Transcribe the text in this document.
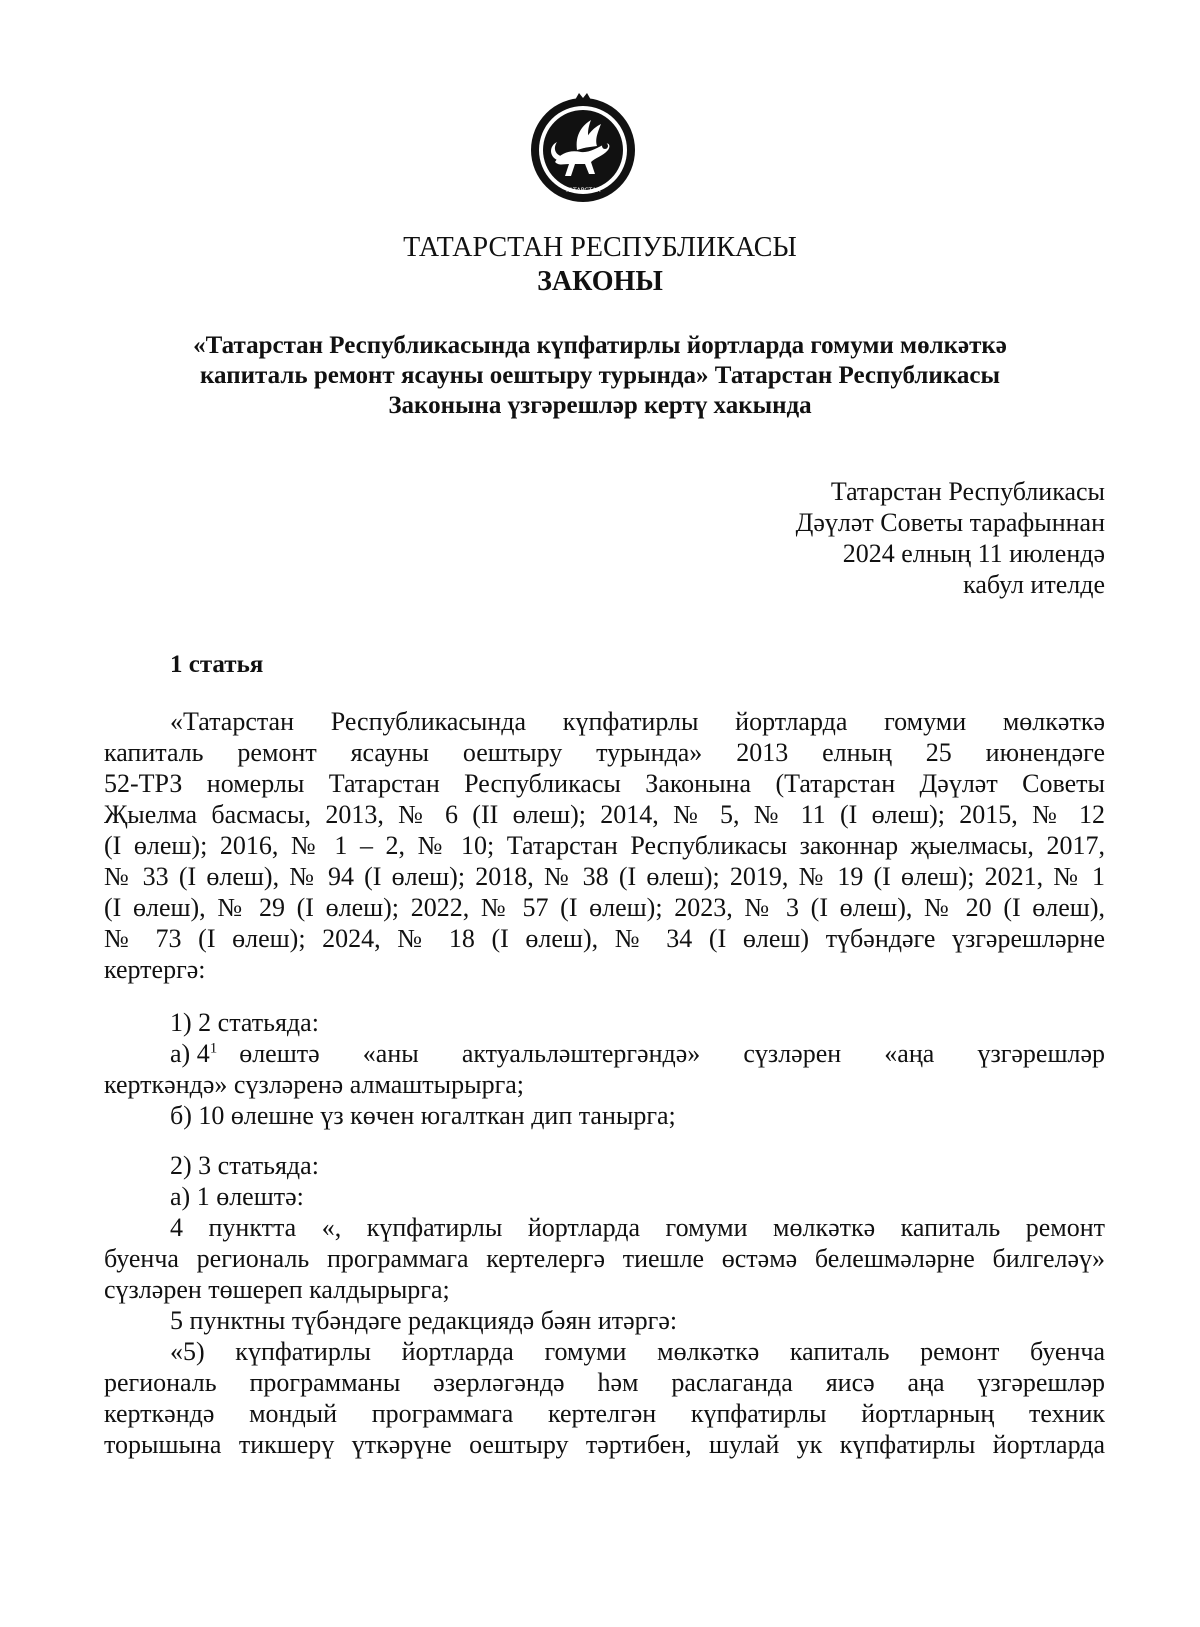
ТАТАРСТАН
ТАТАРСТАН РЕСПУБЛИКАСЫ
ЗАКОНЫ
«Татарстан Республикасында күпфатирлы йортларда гомуми мөлкәткә
капиталь ремонт ясауны оештыру турында» Татарстан Республикасы
Законына үзгәрешләр кертү хакында
Татарстан Республикасы
Дәүләт Советы тарафыннан
2024 елның 11 июлендә
кабул ителде
1 статья
«Татарстан Республикасында күпфатирлы йортларда гомуми мөлкәткә
капиталь ремонт ясауны оештыру турында» 2013 елның 25 июнендәге
52-ТРЗ номерлы Татарстан Республикасы Законына (Татарстан Дәүләт Советы
Җыелма басмасы, 2013, № 6 (II өлеш); 2014, № 5, № 11 (I өлеш); 2015, № 12
(I өлеш); 2016, № 1 – 2, № 10; Татарстан Республикасы законнар җыелмасы, 2017,
№ 33 (I өлеш), № 94 (I өлеш); 2018, № 38 (I өлеш); 2019, № 19 (I өлеш); 2021, № 1
(I өлеш), № 29 (I өлеш); 2022, № 57 (I өлеш); 2023, № 3 (I өлеш), № 20 (I өлеш),
№ 73 (I өлеш); 2024, № 18 (I өлеш), № 34 (I өлеш) түбәндәге үзгәрешләрне
кертергә:
1) 2 статьяда:
а) $4^1$ өлештә «аны актуальләштергәндә» сүзләрен «аңа үзгәрешләр
керткәндә» сүзләренә алмаштырырга;
б) 10 өлешне үз көчен югалткан дип танырга;
2) 3 статьяда:
а) 1 өлештә:
4 пунктта «, күпфатирлы йортларда гомуми мөлкәткә капиталь ремонт
буенча региональ программага кертелергә тиешле өстәмә белешмәләрне билгеләү»
сүзләрен төшереп калдырырга;
5 пунктны түбәндәге редакциядә бәян итәргә:
«5) күпфатирлы йортларда гомуми мөлкәткә капиталь ремонт буенча
региональ программаны әзерләгәндә һәм раслаганда яисә аңа үзгәрешләр
керткәндә мондый программага кертелгән күпфатирлы йортларның техник
торышына тикшерү үткәрүне оештыру тәртибен, шулай ук күпфатирлы йортларда
